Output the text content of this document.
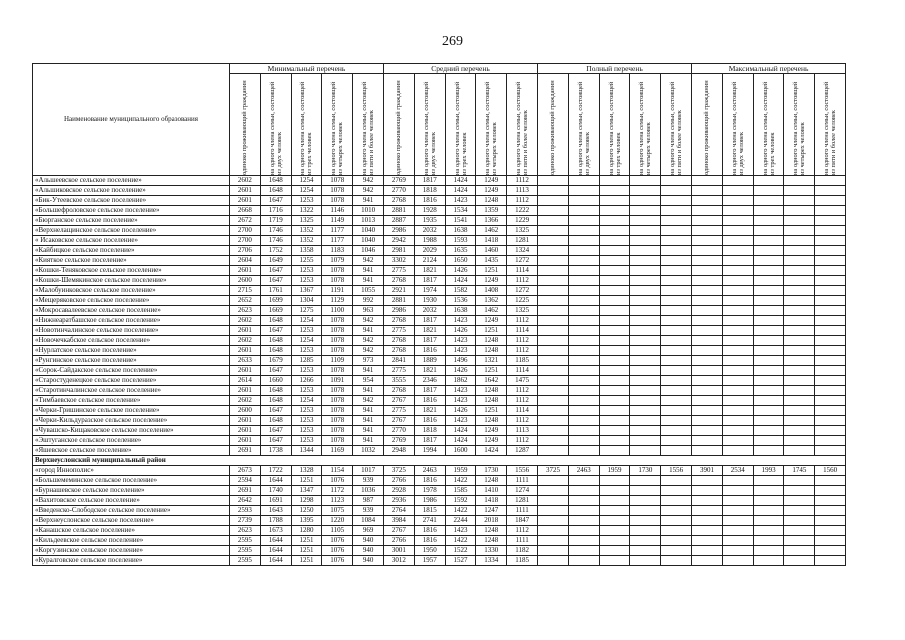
269
Наименование муниципального образования	Минимальный перечень					Средний перечень					Полный перечень					Максимальный перечень				

	одиноко проживающий гражданин	на одного члена семьи, состоящей из двух человек	на одного члена семьи, состоящей из трех человек	на одного члена семьи, состоящей из четырех человек	на одного члена семьи, состоящей из пяти и более человек	одиноко проживающий гражданин	на одного члена семьи, состоящей из двух человек	на одного члена семьи, состоящей из трех человек	на одного члена семьи, состоящей из четырех человек	на одного члена семьи, состоящей из пяти и более человек	одиноко проживающий гражданин	на одного члена семьи, состоящей из двух человек	на одного члена семьи, состоящей из трех человек	на одного члена семьи, состоящей из четырех человек	на одного члена семьи, состоящей из пяти и более человек	одиноко проживающий гражданин	на одного члена семьи, состоящей из двух человек	на одного члена семьи, состоящей из трех человек	на одного члена семьи, состоящей из четырех человек	на одного члена семьи, состоящей из пяти и более человек

«Альшеевское сельское поселение»	2602	1648	1254	1078	942	2769	1817	1424	1249	1112										
«Альшиковское сельское поселение»	2601	1648	1254	1078	942	2770	1818	1424	1249	1113										
«Бик-Утеевское сельское поселение»	2601	1647	1253	1078	941	2768	1816	1423	1248	1112										
«Большефроловское сельское поселение»	2668	1716	1322	1146	1010	2881	1928	1534	1359	1222										
«Бюрганское сельское поселение»	2672	1719	1325	1149	1013	2887	1935	1541	1366	1229										
«Верхнелащинское сельское поселение»	2700	1746	1352	1177	1040	2986	2032	1638	1462	1325										
« Исаковское сельское поселение»	2700	1746	1352	1177	1040	2942	1988	1593	1418	1281										
«Кайбицкое сельское поселение»	2706	1752	1358	1183	1046	2981	2029	1635	1460	1324										
«Кияткое сельское поселение»	2604	1649	1255	1079	942	3302	2124	1650	1435	1272										
«Кошки-Теняковское сельское поселение»	2601	1647	1253	1078	941	2775	1821	1426	1251	1114										
«Кошки-Шемякинское сельское поселение»	2600	1647	1253	1078	941	2768	1817	1424	1249	1112										
«Малобуинковское сельское поселение»	2715	1761	1367	1191	1055	2921	1974	1582	1408	1272										
«Мещеряковское сельское поселение»	2652	1699	1304	1129	992	2881	1930	1536	1362	1225										
«Мокросавалеевское сельское поселение»	2623	1669	1275	1100	963	2986	2032	1638	1462	1325										
«Нижнеаратбашское сельское поселение»	2602	1648	1254	1078	942	2768	1817	1423	1249	1112										
«Новотинчалинское сельское поселение»	2601	1647	1253	1078	941	2775	1821	1426	1251	1114										
«Новочечкабское сельское поселение»	2602	1648	1254	1078	942	2768	1817	1423	1248	1112										
«Нурлатское сельское поселение»	2601	1648	1253	1078	942	2768	1816	1423	1248	1112										
«Рунгинское сельское поселение»	2633	1679	1285	1109	973	2841	1889	1496	1321	1185										
«Сорок-Сайдакское сельское поселение»	2601	1647	1253	1078	941	2775	1821	1426	1251	1114										
«Старостуденецкое сельское поселение»	2614	1660	1266	1091	954	3555	2346	1862	1642	1475										
«Старотинчалинское сельское поселение»	2601	1648	1253	1078	941	2768	1817	1423	1248	1112										
«Тимбаевское сельское поселение»	2602	1648	1254	1078	942	2767	1816	1423	1248	1112										
«Черки-Гришинское сельское поселение»	2600	1647	1253	1078	941	2775	1821	1426	1251	1114										
«Черки-Кильдуразское сельское поселение»	2601	1648	1253	1078	941	2767	1816	1423	1248	1112										
«Чувашско-Кищаковское сельское поселение»	2601	1647	1253	1078	941	2770	1818	1424	1249	1113										
«Эштуганское сельское поселение»	2601	1647	1253	1078	941	2769	1817	1424	1249	1112										
«Яшевское сельское поселение»	2691	1738	1344	1169	1032	2948	1994	1600	1424	1287										
Верхнеуслонский муниципальный район																				
«город Иннополис»	2673	1722	1328	1154	1017	3725	2463	1959	1730	1556	3725	2463	1959	1730	1556	3901	2534	1993	1745	1560
«Большемеминское сельское поселение»	2594	1644	1251	1076	939	2766	1816	1422	1248	1111										
«Бурнашевское сельское поселение»	2691	1740	1347	1172	1036	2928	1978	1585	1410	1274										
«Вахитовское сельское поселение»	2642	1691	1298	1123	987	2936	1986	1592	1418	1281										
«Введенско-Слободское сельское поселение»	2593	1643	1250	1075	939	2764	1815	1422	1247	1111										
«Верхнеуслонское сельское поселение»	2739	1788	1395	1220	1084	3984	2741	2244	2018	1847										
«Канашское сельское поселение»	2623	1673	1280	1105	969	2767	1816	1423	1248	1112										
«Кильдеевское сельское поселение»	2595	1644	1251	1076	940	2766	1816	1422	1248	1111										
«Коргузинское сельское поселение»	2595	1644	1251	1076	940	3001	1950	1522	1330	1182										
«Куралговское сельское поселение»	2595	1644	1251	1076	940	3012	1957	1527	1334	1185										
